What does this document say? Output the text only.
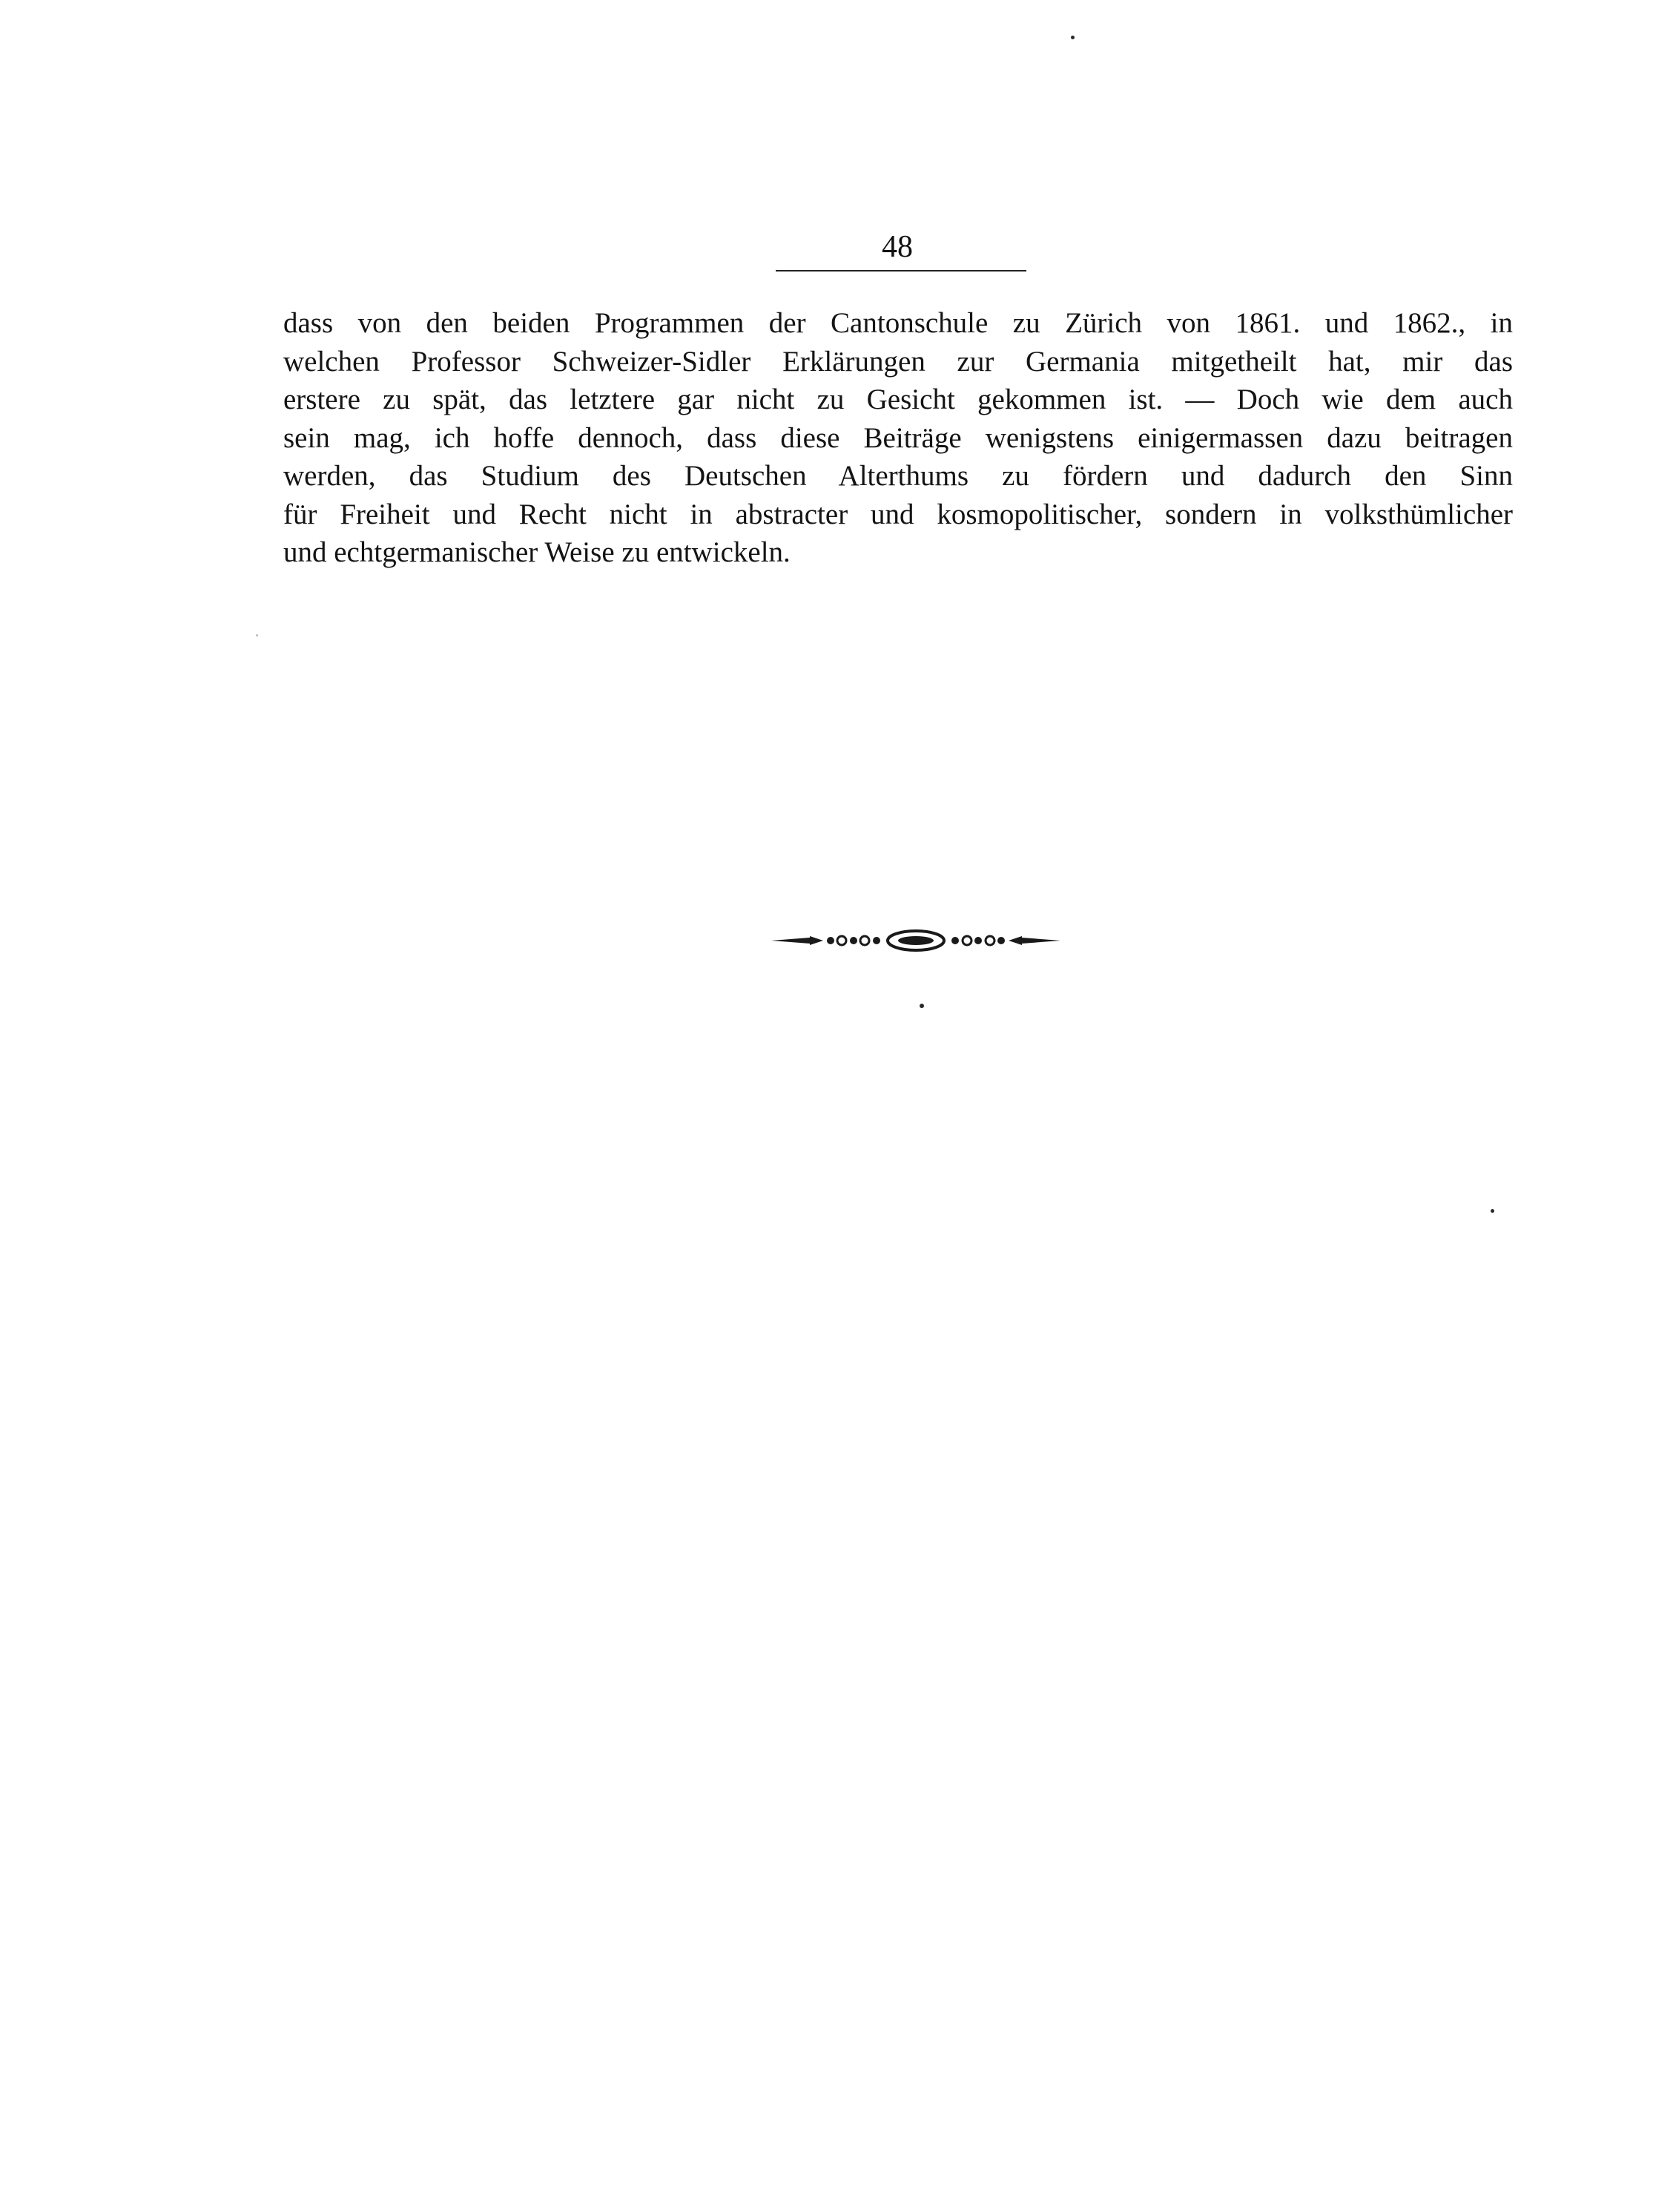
48
dass von den beiden Programmen der Cantonschule zu Zürich von 1861. und 1862., in
welchen Professor Schweizer-Sidler Erklärungen zur Germania mitgetheilt hat, mir das
erstere zu spät, das letztere gar nicht zu Gesicht gekommen ist. — Doch wie dem auch
sein mag, ich hoffe dennoch, dass diese Beiträge wenigstens einigermassen dazu beitragen
werden, das Studium des Deutschen Alterthums zu fördern und dadurch den Sinn
für Freiheit und Recht nicht in abstracter und kosmopolitischer, sondern in volksthümlicher
und echtgermanischer Weise zu entwickeln.
